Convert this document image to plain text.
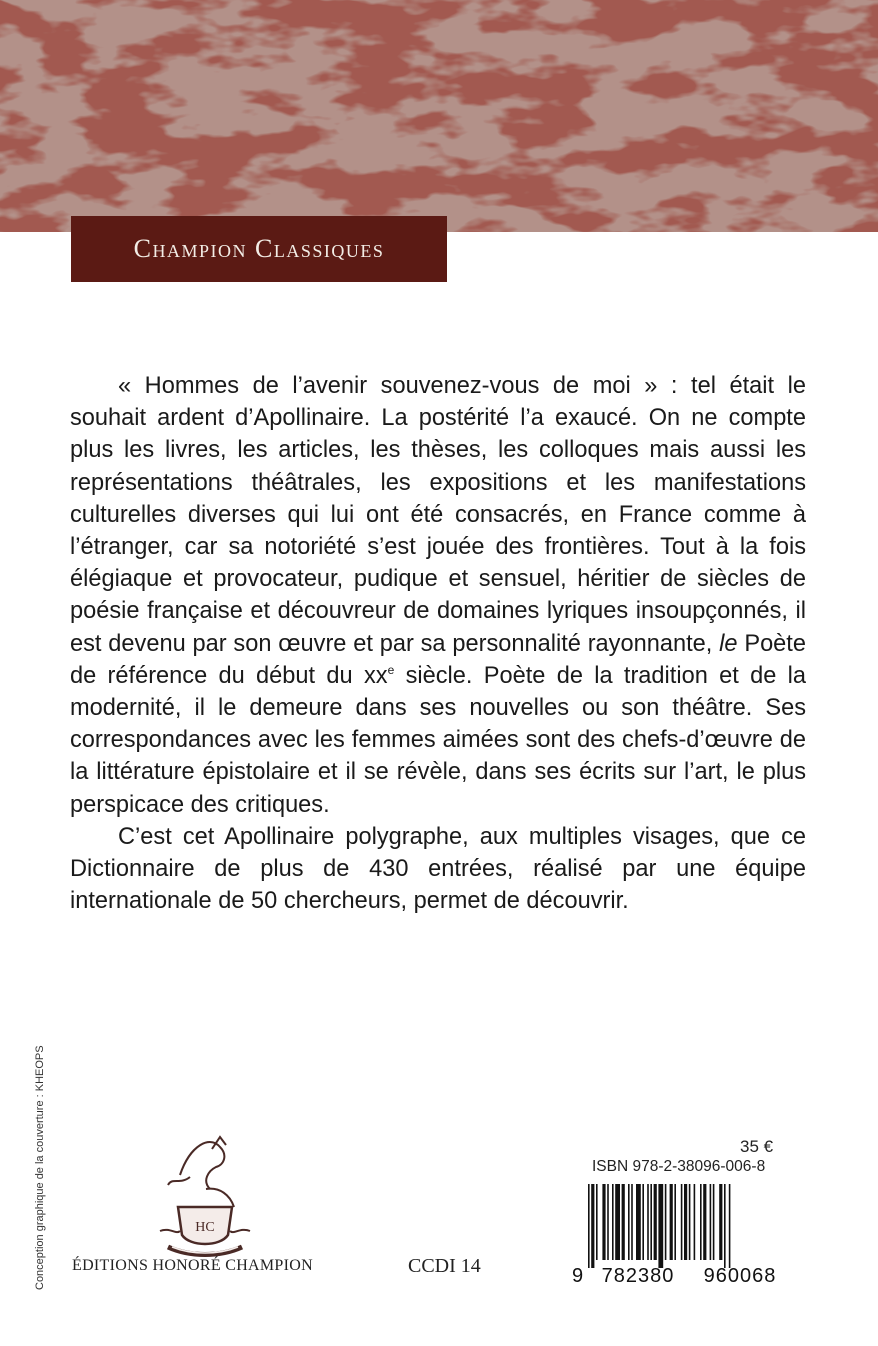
Champion Classiques

« Hommes de l’avenir souvenez-vous de moi » : tel était le souhait ardent d’Apollinaire. La postérité l’a exaucé. On ne compte plus les livres, les articles, les thèses, les colloques mais aussi les représentations théâtrales, les expositions et les manifestations culturelles diverses qui lui ont été consacrés, en France comme à l’étranger, car sa notoriété s’est jouée des frontières. Tout à la fois élégiaque et provocateur, pudique et sensuel, héritier de siècles de poésie française et découvreur de domaines lyriques insoupçonnés, il est devenu par son œuvre et par sa personnalité rayonnante, le Poète de référence du début du $xx^e$ siècle. Poète de la tradition et de la modernité, il le demeure dans ses nouvelles ou son théâtre. Ses correspondances avec les femmes aimées sont des chefs-d’œuvre de la littérature épistolaire et il se révèle, dans ses écrits sur l’art, le plus perspicace des critiques.

C’est cet Apollinaire polygraphe, aux multiples visages, que ce Dictionnaire de plus de 430 entrées, réalisé par une équipe internationale de 50 chercheurs, permet de découvrir.

Conception graphique de la couverture : KHEOPS	HC
ÉDITIONS HONORÉ CHAMPION	CCDI 14
35 €
ISBN 978-2-38096-006-8
9 782380 960068
